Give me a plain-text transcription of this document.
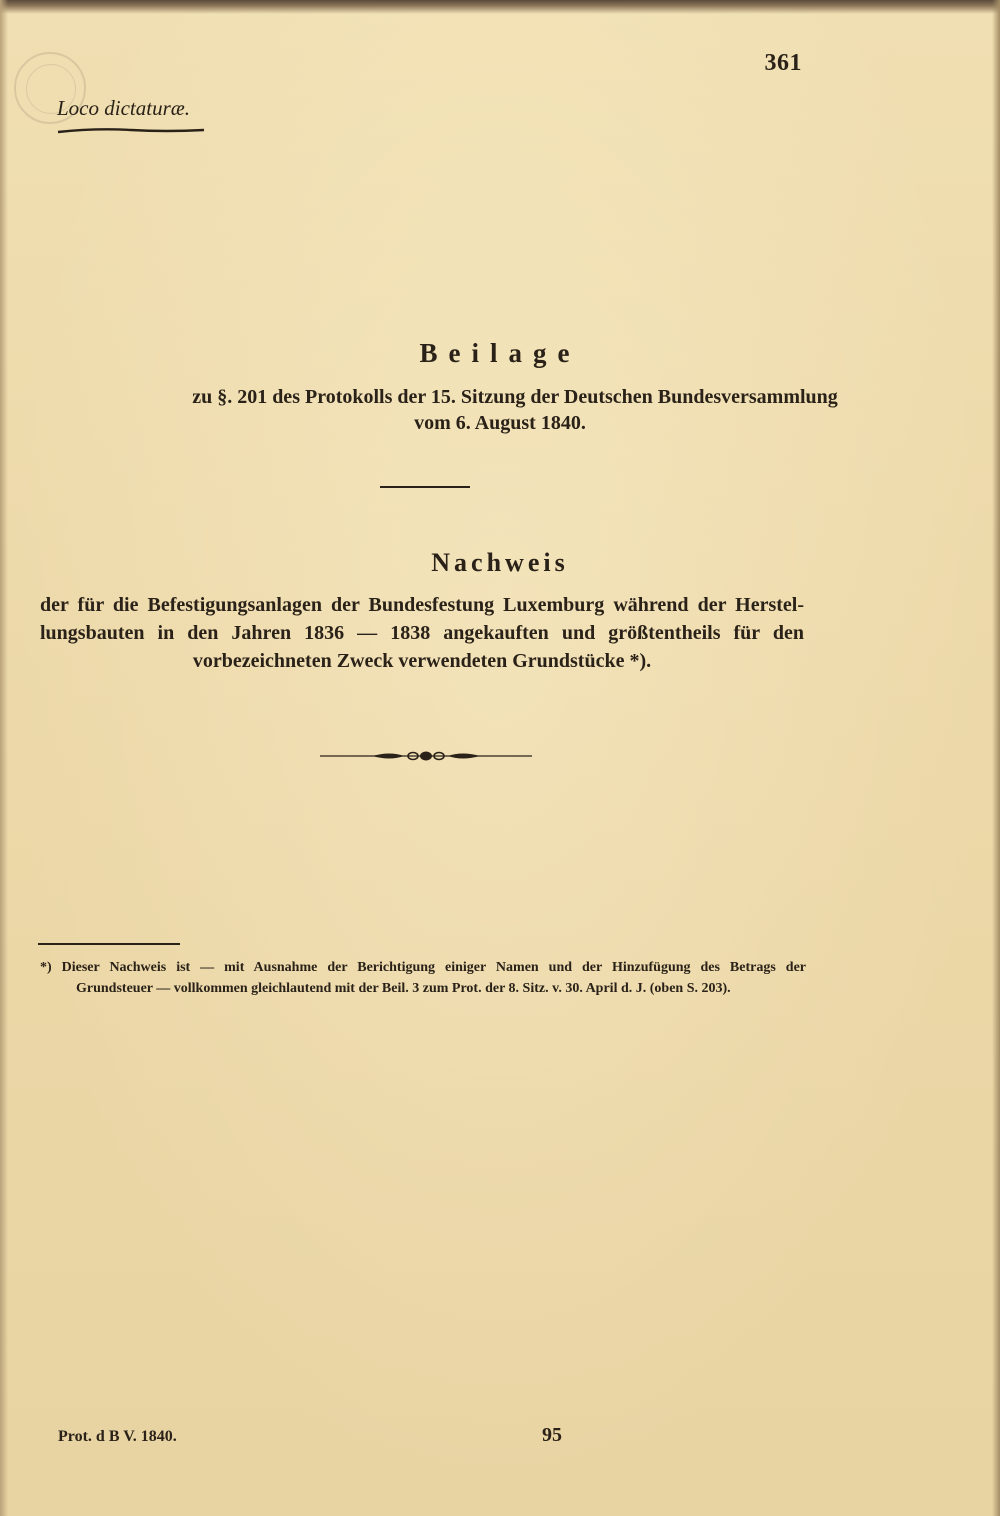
361
Loco dictaturæ.
Beilage
zu §. 201 des Protokolls der 15. Sitzung der Deutschen Bundesversammlung
vom 6. August 1840.
Nachweis
der für die Befestigungsanlagen der Bundesfestung Luxemburg während der Herstel-
lungsbauten in den Jahren 1836 — 1838 angekauften und größtentheils für den
vorbezeichneten Zweck verwendeten Grundstücke *).
*) Dieser Nachweis ist — mit Ausnahme der Berichtigung einiger Namen und der Hinzufügung des Betrags der
Grundsteuer — vollkommen gleichlautend mit der Beil. 3 zum Prot. der 8. Sitz. v. 30. April d. J. (oben S. 203).
Prot. d B V. 1840.	95
